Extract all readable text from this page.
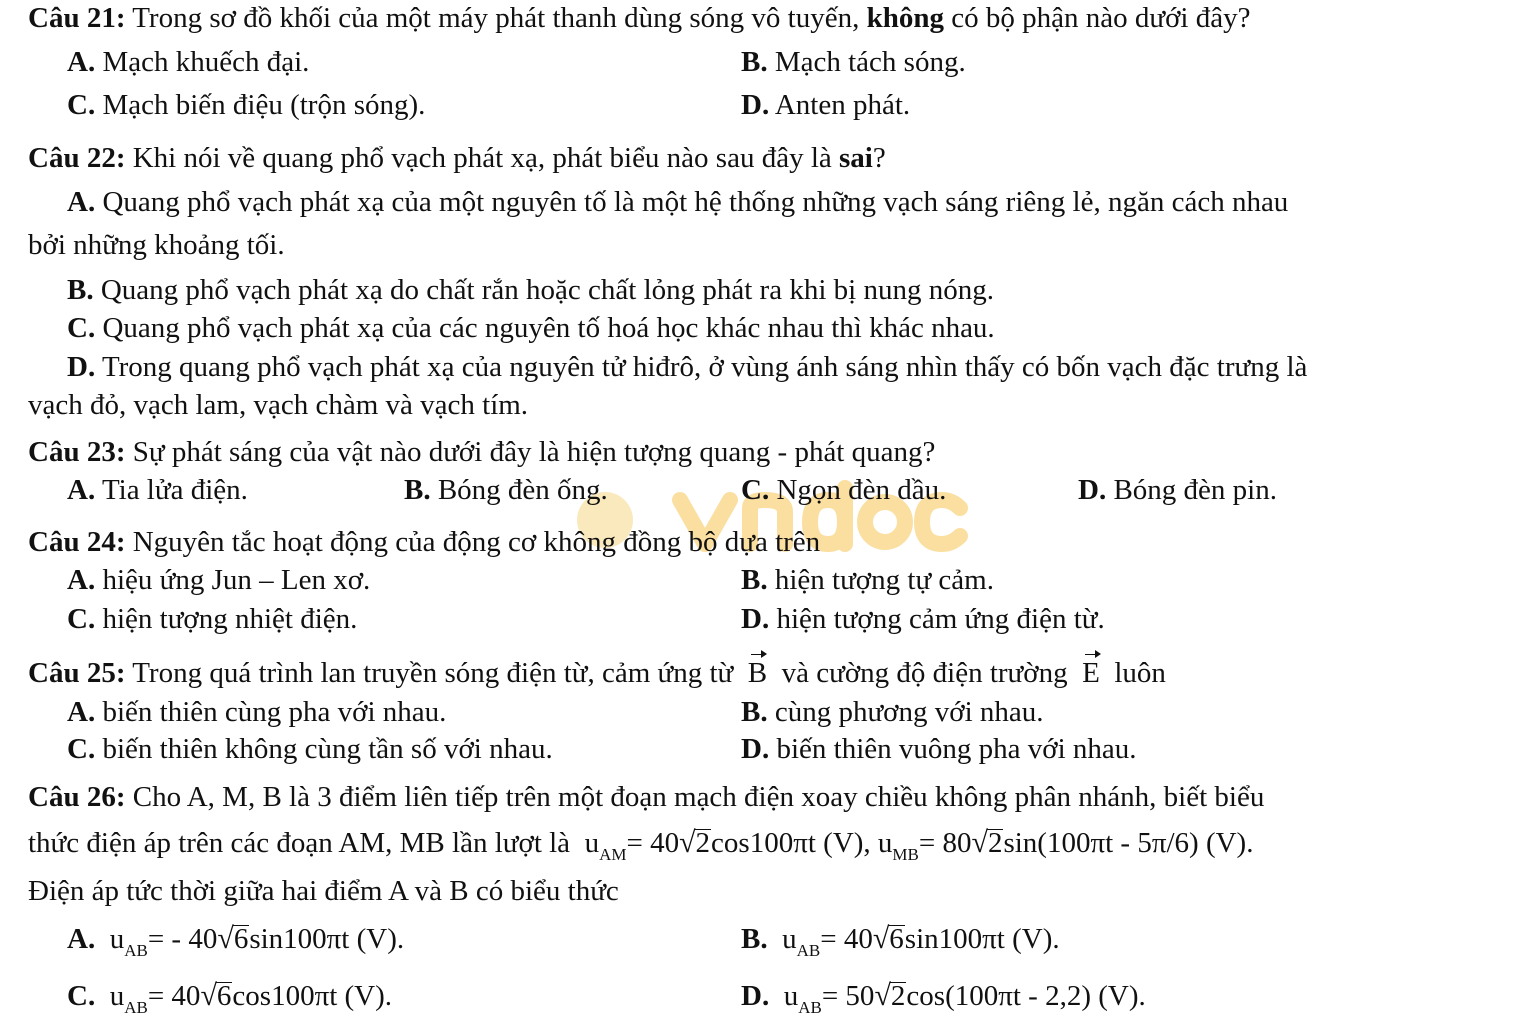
Câu 21: Trong sơ đồ khối của một máy phát thanh dùng sóng vô tuyến, không có bộ phận nào dưới đây?
A. Mạch khuếch đại.	B. Mạch tách sóng.
C. Mạch biến điệu (trộn sóng).	D. Anten phát.
Câu 22: Khi nói về quang phổ vạch phát xạ, phát biểu nào sau đây là sai?
A. Quang phổ vạch phát xạ của một nguyên tố là một hệ thống những vạch sáng riêng lẻ, ngăn cách nhau
bởi những khoảng tối.
B. Quang phổ vạch phát xạ do chất rắn hoặc chất lỏng phát ra khi bị nung nóng.
C. Quang phổ vạch phát xạ của các nguyên tố hoá học khác nhau thì khác nhau.
D. Trong quang phổ vạch phát xạ của nguyên tử hiđrô, ở vùng ánh sáng nhìn thấy có bốn vạch đặc trưng là
vạch đỏ, vạch lam, vạch chàm và vạch tím.
Câu 23: Sự phát sáng của vật nào dưới đây là hiện tượng quang - phát quang?
A. Tia lửa điện.	B. Bóng đèn ống.	C. Ngọn đèn dầu.	D. Bóng đèn pin.
Câu 24: Nguyên tắc hoạt động của động cơ không đồng bộ dựa trên
A. hiệu ứng Jun – Len xơ.	B. hiện tượng tự cảm.
C. hiện tượng nhiệt điện.	D. hiện tượng cảm ứng điện từ.
Câu 25: Trong quá trình lan truyền sóng điện từ, cảm ứng từ B và cường độ điện trường E luôn
A. biến thiên cùng pha với nhau.	B. cùng phương với nhau.
C. biến thiên không cùng tần số với nhau.	D. biến thiên vuông pha với nhau.
Câu 26: Cho A, M, B là 3 điểm liên tiếp trên một đoạn mạch điện xoay chiều không phân nhánh, biết biểu
thức điện áp trên các đoạn AM, MB lần lượt là $u_{AM}= 40√2\cos 100\pi t$ (V), $u_{MB}= 80√2\sin(100\pi t - 5\pi/6)$ (V).
Điện áp tức thời giữa hai điểm A và B có biểu thức
A. $u_{AB}= - 40√6\sin 100\pi t$ (V).	B. $u_{AB}= 40√6\sin 100\pi t$ (V).
C. $u_{AB}= 40√6\cos 100\pi t$ (V).	D. $u_{AB}= 50√2\cos(100\pi t - 2,2)$ (V).
